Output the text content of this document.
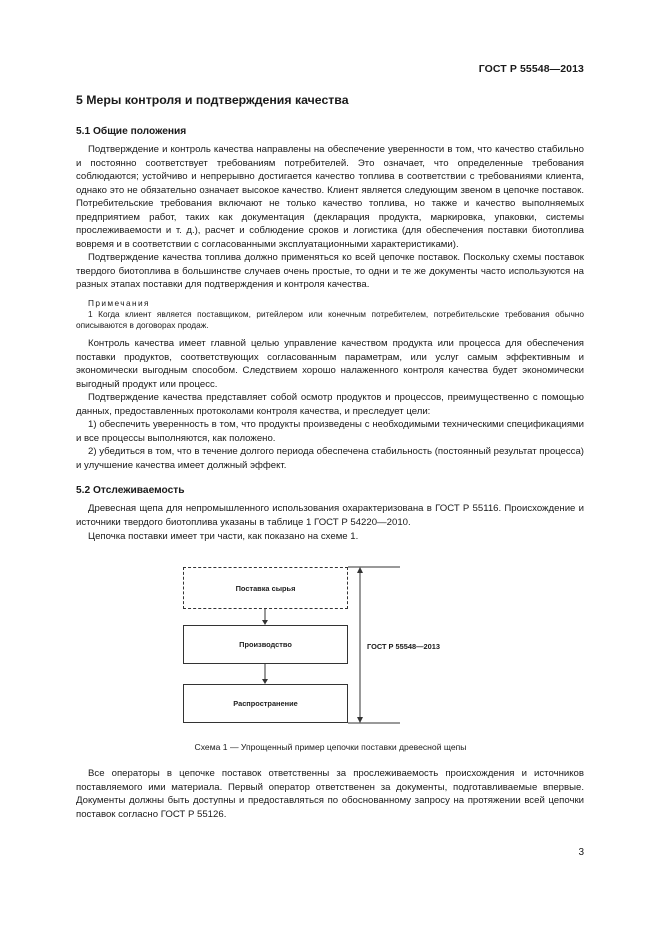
ГОСТ Р 55548—2013
5 Меры контроля и подтверждения качества
5.1 Общие положения
Подтверждение и контроль качества направлены на обеспечение уверенности в том, что качество стабильно и постоянно соответствует требованиям потребителей. Это означает, что определенные требования соблюдаются; устойчиво и непрерывно достигается качество топлива в соответствии с требованиями клиента, однако это не обязательно означает высокое качество. Клиент является следующим звеном в цепочке поставок. Потребительские требования включают не только качество топлива, но также и качество выполняемых предприятием работ, таких как документация (декларация продукта, маркировка, упаковки, системы прослеживаемости и т. д.), расчет и соблюдение сроков и логистика (для обеспечения поставки биотоплива вовремя и в соответствии с согласованными эксплуатационными характеристиками).
Подтверждение качества топлива должно применяться ко всей цепочке поставок. Поскольку схемы поставок твердого биотоплива в большинстве случаев очень простые, то одни и те же документы часто используются на разных этапах поставки для подтверждения и контроля качества.
Примечания
1 Когда клиент является поставщиком, ритейлером или конечным потребителем, потребительские требования обычно описываются в договорах продаж.
Контроль качества имеет главной целью управление качеством продукта или процесса для обеспечения поставки продуктов, соответствующих согласованным параметрам, или услуг самым эффективным и экономически выгодным способом. Следствием хорошо налаженного контроля качества будет экономически выгодный продукт или процесс.
Подтверждение качества представляет собой осмотр продуктов и процессов, преимущественно с помощью данных, предоставленных протоколами контроля качества, и преследует цели:
1) обеспечить уверенность в том, что продукты произведены с необходимыми техническими спецификациями и все процессы выполняются, как положено.
2) убедиться в том, что в течение долгого периода обеспечена стабильность (постоянный результат процесса) и улучшение качества имеет должный эффект.
5.2 Отслеживаемость
Древесная щепа для непромышленного использования охарактеризована в ГОСТ Р 55116. Происхождение и источники твердого биотоплива указаны в таблице 1 ГОСТ Р 54220—2010.
Цепочка поставки имеет три части, как показано на схеме 1.
Поставка сырья
Производство
Распространение
ГОСТ Р 55548—2013
Схема 1 — Упрощенный пример цепочки поставки древесной щепы
Все операторы в цепочке поставок ответственны за прослеживаемость происхождения и источников поставляемого ими материала. Первый оператор ответственен за документы, подготавливаемые впервые. Документы должны быть доступны и предоставляться по обоснованному запросу на протяжении всей цепочки поставок согласно ГОСТ Р 55126.
3
